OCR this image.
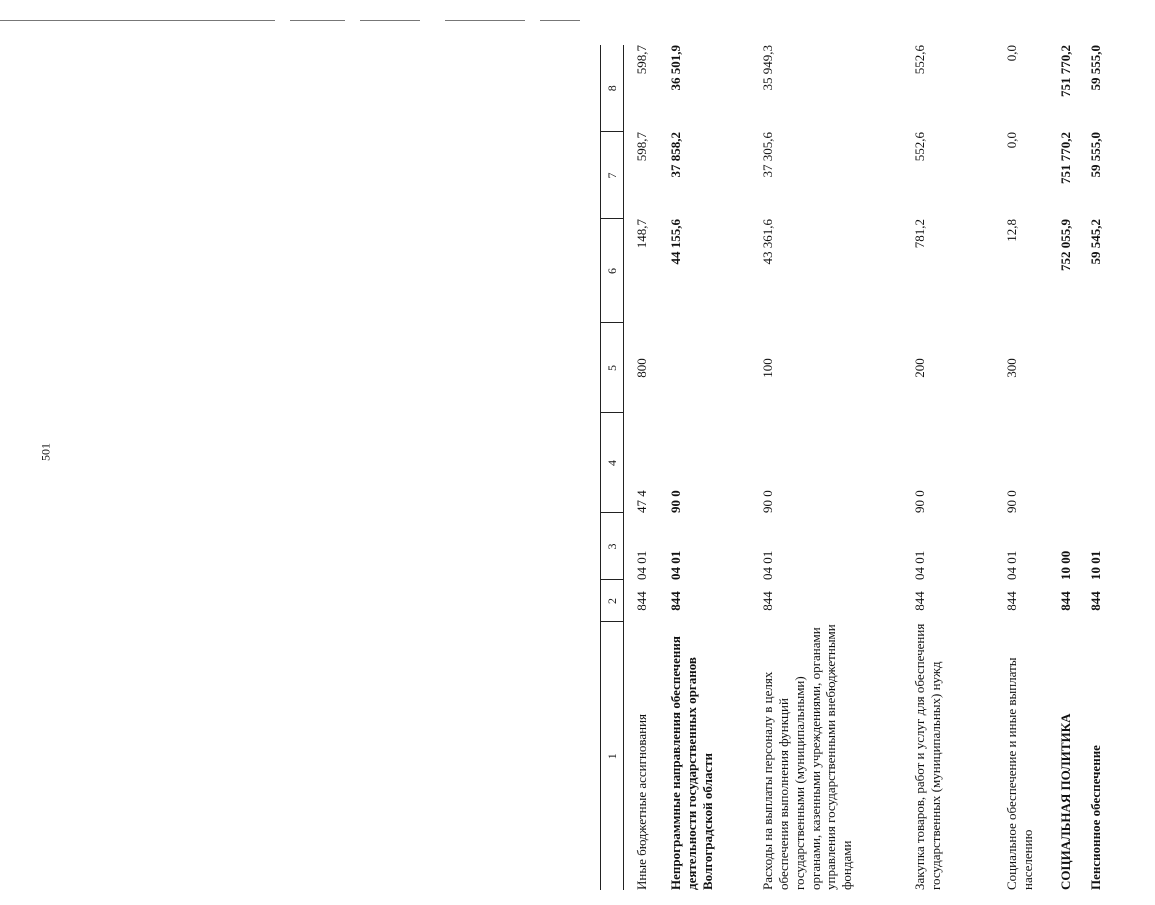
501
1	2	3	4	5	6	7	8
Иные бюджетные ассигнования	844	04 01	47 4	800	148,7	598,7	598,7
Непрограммные направления обеспечения деятельности государственных органов Волгоградской области	844	04 01	90 0		44 155,6	37 858,2	36 501,9
Расходы на выплаты персоналу в целях обеспечения выполнения функций государственными (муниципальными) органами, казенными учреждениями, органами управления государственными внебюджетными фондами	844	04 01	90 0	100	43 361,6	37 305,6	35 949,3
Закупка товаров, работ и услуг для обеспечения государственных (муниципальных) нужд	844	04 01	90 0	200	781,2	552,6	552,6
Социальное обеспечение и иные выплаты населению	844	04 01	90 0	300	12,8	0,0	0,0
СОЦИАЛЬНАЯ ПОЛИТИКА	844	10 00			752 055,9	751 770,2	751 770,2
Пенсионное обеспечение	844	10 01			59 545,2	59 555,0	59 555,0
